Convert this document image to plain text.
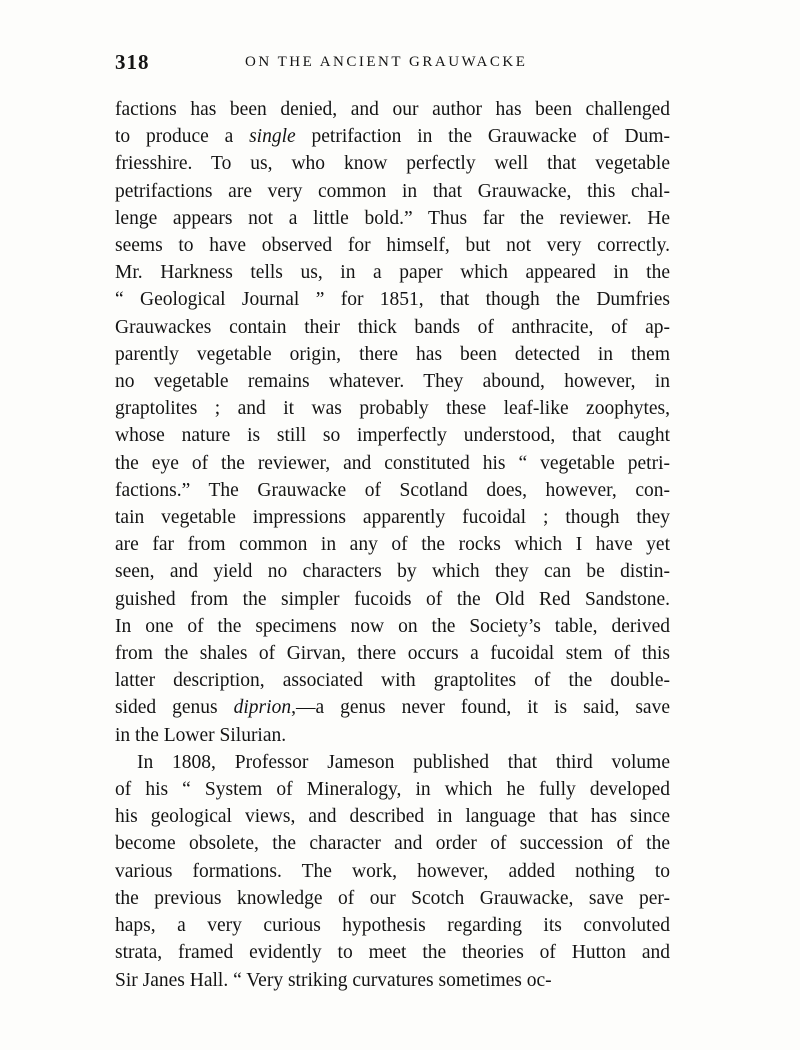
318	ON THE ANCIENT GRAUWACKE
factions has been denied, and our author has been challenged
to produce a single petrifaction in the Grauwacke of Dum-
friesshire. To us, who know perfectly well that vegetable
petrifactions are very common in that Grauwacke, this chal-
lenge appears not a little bold.” Thus far the reviewer. He
seems to have observed for himself, but not very correctly.
Mr. Harkness tells us, in a paper which appeared in the
“ Geological Journal ” for 1851, that though the Dumfries
Grauwackes contain their thick bands of anthracite, of ap-
parently vegetable origin, there has been detected in them
no vegetable remains whatever. They abound, however, in
graptolites ; and it was probably these leaf-like zoophytes,
whose nature is still so imperfectly understood, that caught
the eye of the reviewer, and constituted his “ vegetable petri-
factions.” The Grauwacke of Scotland does, however, con-
tain vegetable impressions apparently fucoidal ; though they
are far from common in any of the rocks which I have yet
seen, and yield no characters by which they can be distin-
guished from the simpler fucoids of the Old Red Sandstone.
In one of the specimens now on the Society’s table, derived
from the shales of Girvan, there occurs a fucoidal stem of this
latter description, associated with graptolites of the double-
sided genus diprion,—a genus never found, it is said, save
in the Lower Silurian.
In 1808, Professor Jameson published that third volume
of his “ System of Mineralogy, in which he fully developed
his geological views, and described in language that has since
become obsolete, the character and order of succession of the
various formations. The work, however, added nothing to
the previous knowledge of our Scotch Grauwacke, save per-
haps, a very curious hypothesis regarding its convoluted
strata, framed evidently to meet the theories of Hutton and
Sir Janes Hall. “ Very striking curvatures sometimes oc-
